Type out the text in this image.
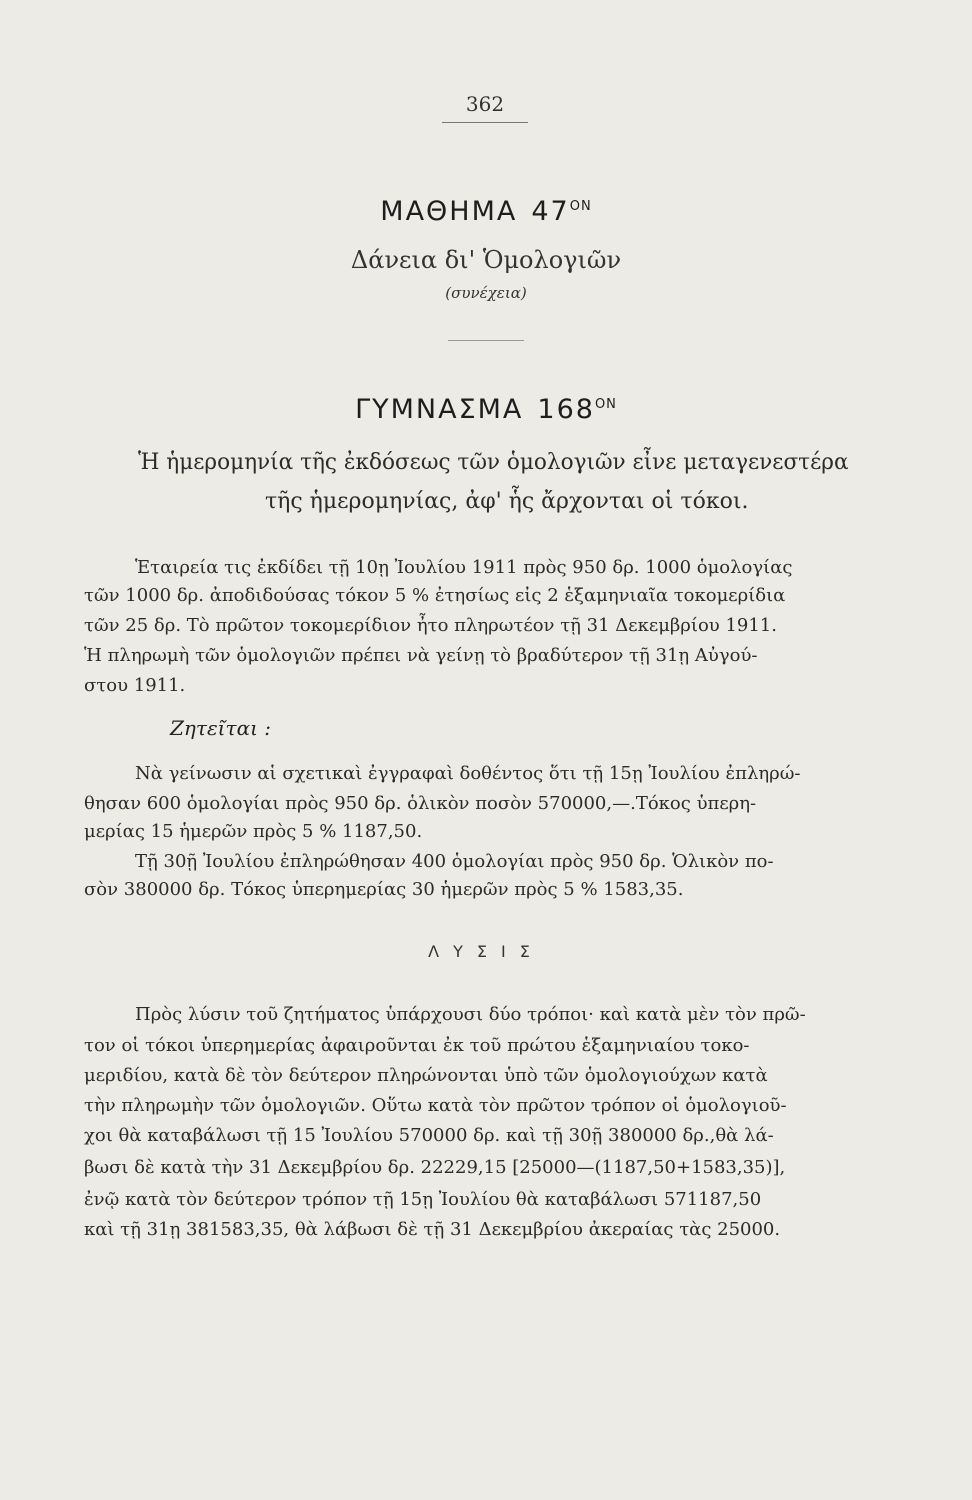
362
ΜΑΘΗΜΑ $47^{ON}$
Δάνεια δι' Ὁμολογιῶν
(συνέχεια)
ΓΥΜΝΑΣΜΑ $168^{ON}$
Ἡ ἡμερομηνία τῆς ἐκδόσεως τῶν ὁμολογιῶν εἶνε μεταγενεστέρα
τῆς ἡμερομηνίας, ἀφ' ἧς ἄρχονται οἱ τόκοι.
Ἑταιρεία τις ἐκδίδει τῇ 10ῃ Ἰουλίου 1911 πρὸς 950 δρ. 1000 ὁμολογίας
τῶν 1000 δρ. ἀποδιδούσας τόκον 5 % ἐτησίως εἰς 2 ἑξαμηνιαῖα τοκομερίδια
τῶν 25 δρ. Τὸ πρῶτον τοκομερίδιον ἦτο πληρωτέον τῇ 31 Δεκεμβρίου 1911.
Ἡ πληρωμὴ τῶν ὁμολογιῶν πρέπει νὰ γείνῃ τὸ βραδύτερον τῇ 31ῃ Αὐγού-
στου 1911.
Ζητεῖται :
Νὰ γείνωσιν αἱ σχετικαὶ ἐγγραφαὶ δοθέντος ὅτι τῇ 15ῃ Ἰουλίου ἐπληρώ-
θησαν 600 ὁμολογίαι πρὸς 950 δρ. ὁλικὸν ποσὸν 570000,—.Τόκος ὑπερη-
μερίας 15 ἡμερῶν πρὸς 5 % 1187,50.
Τῇ 30ῇ Ἰουλίου ἐπληρώθησαν 400 ὁμολογίαι πρὸς 950 δρ. Ὁλικὸν πο-
σὸν 380000 δρ. Τόκος ὑπερημερίας 30 ἡμερῶν πρὸς 5 % 1583,35.
ΛΥΣΙΣ
Πρὸς λύσιν τοῦ ζητήματος ὑπάρχουσι δύο τρόποι· καὶ κατὰ μὲν τὸν πρῶ-
τον οἱ τόκοι ὑπερημερίας ἀφαιροῦνται ἐκ τοῦ πρώτου ἑξαμηνιαίου τοκο-
μεριδίου, κατὰ δὲ τὸν δεύτερον πληρώνονται ὑπὸ τῶν ὁμολογιούχων κατὰ
τὴν πληρωμὴν τῶν ὁμολογιῶν. Οὕτω κατὰ τὸν πρῶτον τρόπον οἱ ὁμολογιοῦ-
χοι θὰ καταβάλωσι τῇ 15 Ἰουλίου 570000 δρ. καὶ τῇ 30ῇ 380000 δρ.,θὰ λά-
βωσι δὲ κατὰ τὴν 31 Δεκεμβρίου δρ. 22229,15 [25000—(1187,50+1583,35)],
ἐνῷ κατὰ τὸν δεύτερον τρόπον τῇ 15ῃ Ἰουλίου θὰ καταβάλωσι 571187,50
καὶ τῇ 31ῃ 381583,35, θὰ λάβωσι δὲ τῇ 31 Δεκεμβρίου ἀκεραίας τὰς 25000.
